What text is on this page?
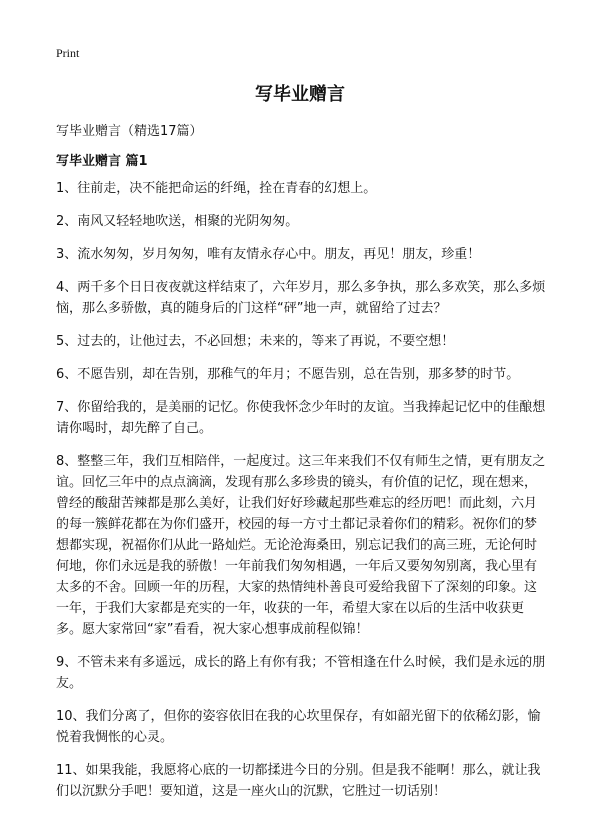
Print
写毕业赠言
写毕业赠言（精选17篇）
写毕业赠言 篇1

1、往前走，决不能把命运的纤绳，拴在青春的幻想上。

2、南风又轻轻地吹送，相聚的光阴匆匆。

3、流水匆匆，岁月匆匆，唯有友情永存心中。朋友，再见！朋友，珍重！

4、两千多个日日夜夜就这样结束了，六年岁月，那么多争执，那么多欢笑，那么多烦恼，那么多骄傲，真的随身后的门这样“砰”地一声，就留给了过去？

5、过去的，让他过去，不必回想；未来的，等来了再说，不要空想！

6、不愿告别，却在告别，那稚气的年月；不愿告别，总在告别，那多梦的时节。

7、你留给我的，是美丽的记忆。你使我怀念少年时的友谊。当我捧起记忆中的佳酿想请你喝时，却先醉了自己。

8、整整三年，我们互相陪伴，一起度过。这三年来我们不仅有师生之情，更有朋友之谊。回忆三年中的点点滴滴，发现有那么多珍贵的镜头，有价值的记忆，现在想来，曾经的酸甜苦辣都是那么美好，让我们好好珍藏起那些难忘的经历吧！而此刻，六月的每一簇鲜花都在为你们盛开，校园的每一方寸土都记录着你们的精彩。祝你们的梦想都实现，祝福你们从此一路灿烂。无论沧海桑田，别忘记我们的高三班，无论何时何地，你们永远是我的骄傲！一年前我们匆匆相遇，一年后又要匆匆别离，我心里有太多的不舍。回顾一年的历程，大家的热情纯朴善良可爱给我留下了深刻的印象。这一年，于我们大家都是充实的一年，收获的一年，希望大家在以后的生活中收获更多。愿大家常回“家”看看，祝大家心想事成前程似锦！

9、不管未来有多遥远，成长的路上有你有我；不管相逢在什么时候，我们是永远的朋友。

10、我们分离了，但你的姿容依旧在我的心坎里保存，有如韶光留下的依稀幻影，愉悦着我惆怅的心灵。

11、如果我能，我愿将心底的一切都揉进今日的分别。但是我不能啊！那么，就让我们以沉默分手吧！要知道，这是一座火山的沉默，它胜过一切话别！
